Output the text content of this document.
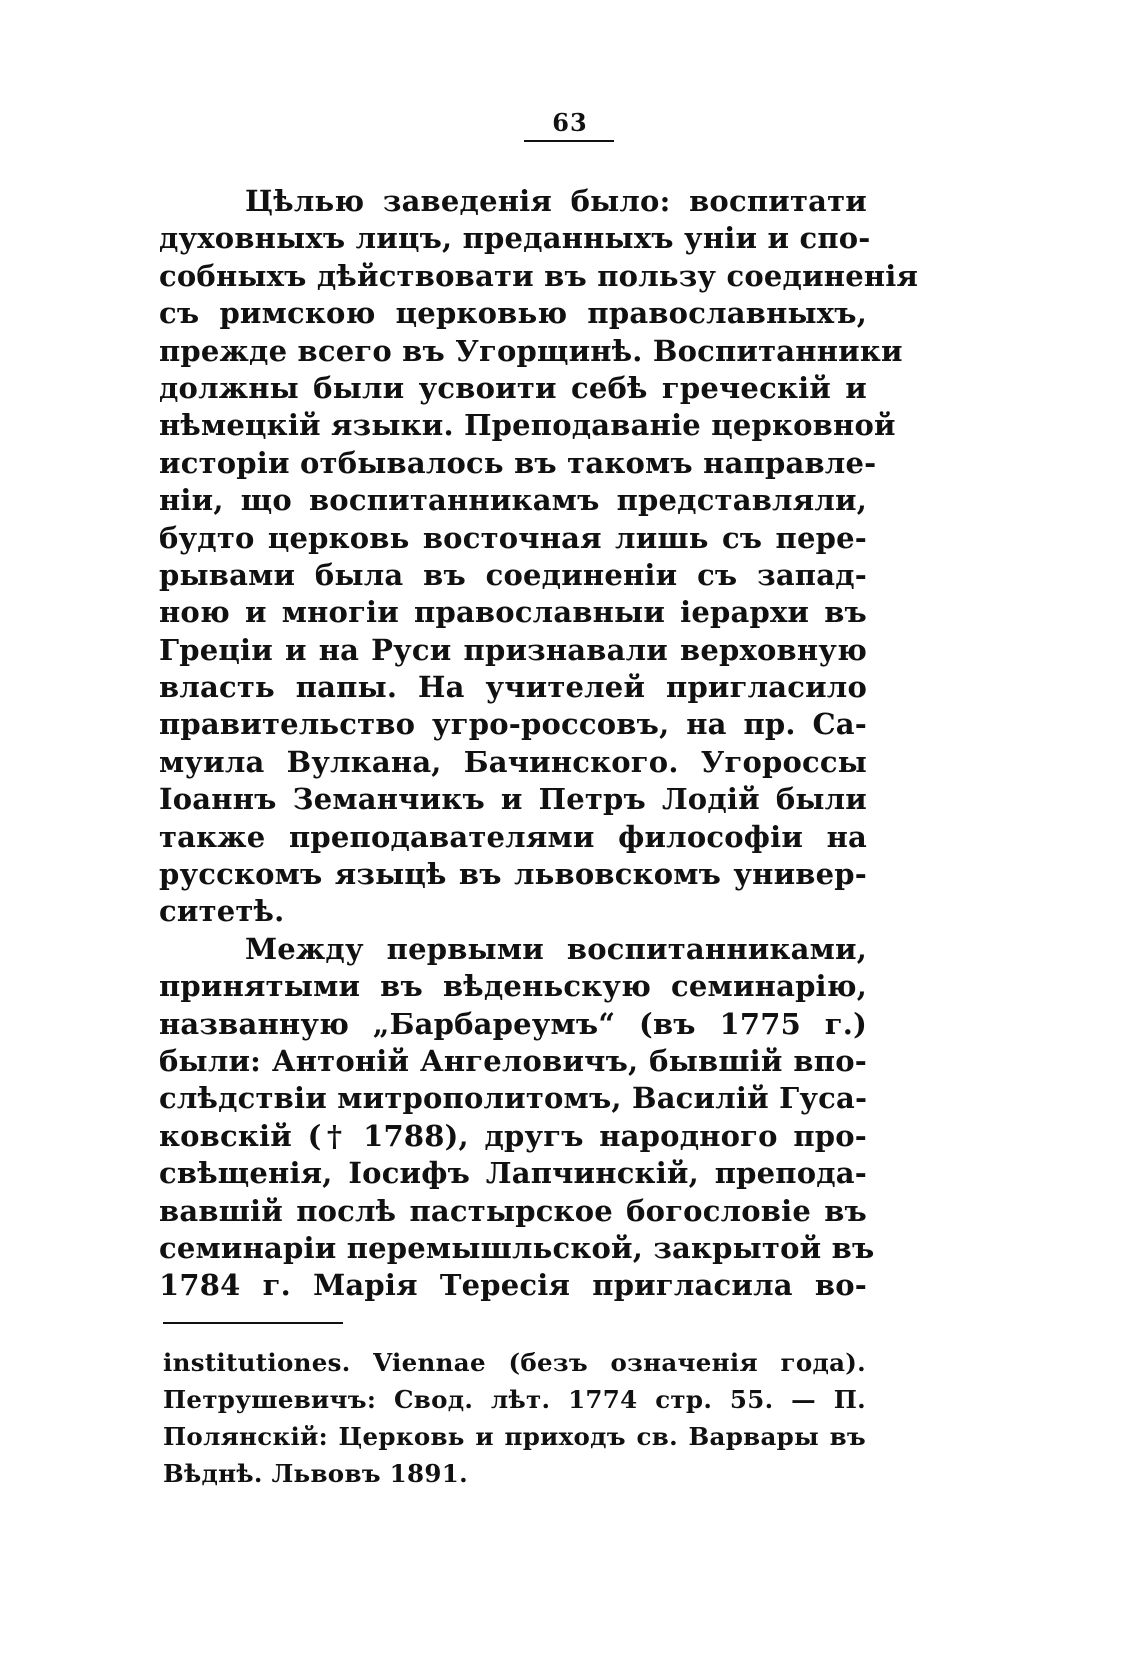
63
Цѣлью заведенія было: воспитати
духовныхъ лицъ, преданныхъ уніи и спо-
собныхъ дѣйствовати въ пользу соединенія
съ римскою церковью православныхъ,
прежде всего въ Угорщинѣ. Воспитанники
должны были усвоити себѣ греческій и
нѣмецкій языки. Преподаваніе церковной
исторіи отбывалось въ такомъ направле-
ніи, що воспитанникамъ представляли,
будто церковь восточная лишь съ пере-
рывами была въ соединеніи съ запад-
ною и многіи православныи іерархи въ
Греціи и на Руси признавали верховную
власть папы. На учителей пригласило
правительство угро-россовъ, на пр. Са-
муила Вулкана, Бачинского. Угороссы
Іоаннъ Земанчикъ и Петръ Лодій были
также преподавателями философіи на
русскомъ языцѣ въ львовскомъ универ-
ситетѣ.
Между первыми воспитанниками,
принятыми въ вѣденьскую семинарію,
названную „Барбареумъ“ (въ 1775 г.)
были: Антоній Ангеловичъ, бывшій впо-
слѣдствіи митрополитомъ, Василій Гуса-
ковскій († 1788), другъ народного про-
свѣщенія, Іосифъ Лапчинскій, препода-
вавшій послѣ пастырское богословіе въ
семинаріи перемышльской, закрытой въ
1784 г. Марія Тересія пригласила во-
institutiones. Viennae (безъ означенія года).
Петрушевичъ: Свод. лѣт. 1774 стр. 55. — П.
Полянскій: Церковь и приходъ св. Варвары въ
Вѣднѣ. Львовъ 1891.
